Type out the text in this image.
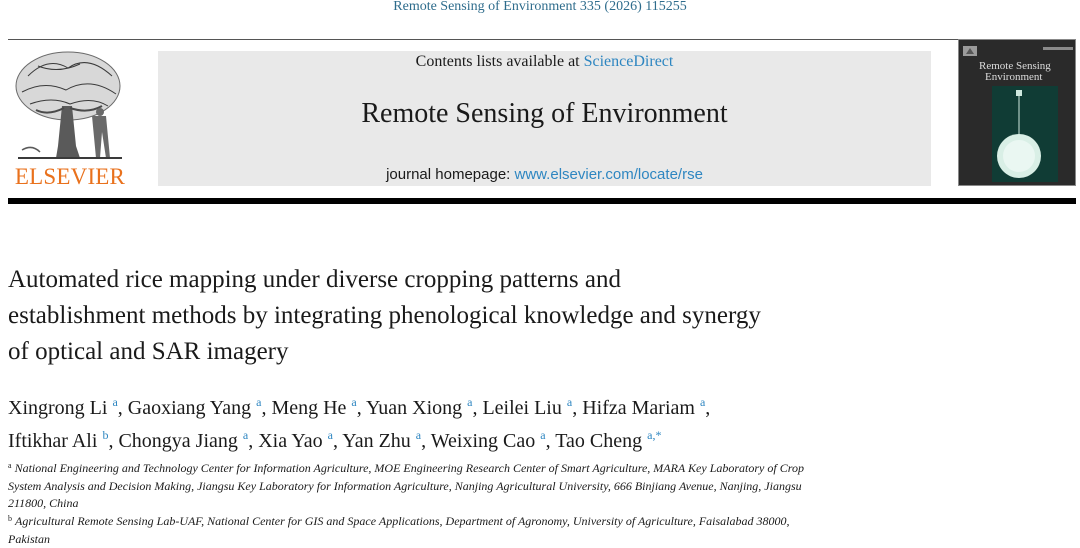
Remote Sensing of Environment 335 (2026) 115255
ELSEVIER
Contents lists available at ScienceDirect
Remote Sensing of Environment
journal homepage: www.elsevier.com/locate/rse
Remote Sensing
Environment
Automated rice mapping under diverse cropping patterns and
establishment methods by integrating phenological knowledge and synergy
of optical and SAR imagery
Xingrong Li $^a$, Gaoxiang Yang $^a$, Meng He $^a$, Yuan Xiong $^a$, Leilei Liu $^a$, Hifza Mariam $^a$,
Iftikhar Ali $^b$, Chongya Jiang $^a$, Xia Yao $^a$, Yan Zhu $^a$, Weixing Cao $^a$, Tao Cheng $^{a,*}$
$^a$ National Engineering and Technology Center for Information Agriculture, MOE Engineering Research Center of Smart Agriculture, MARA Key Laboratory of Crop
System Analysis and Decision Making, Jiangsu Key Laboratory for Information Agriculture, Nanjing Agricultural University, 666 Binjiang Avenue, Nanjing, Jiangsu
211800, China
$^b$ Agricultural Remote Sensing Lab-UAF, National Center for GIS and Space Applications, Department of Agronomy, University of Agriculture, Faisalabad 38000,
Pakistan
